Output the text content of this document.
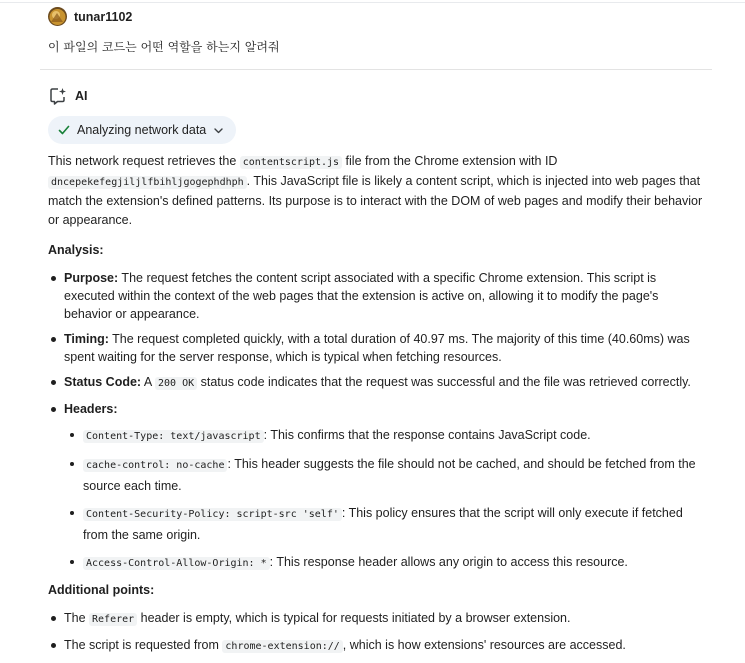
tunar1102
이 파일의 코드는 어떤 역할을 하는지 알려줘
AI
Analyzing network data

This network request retrieves the contentscript.js file from the Chrome extension with ID dncepekefegjiljlfbihljgogephdhph . This JavaScript file is likely a content script, which is injected into web pages that match the extension's defined patterns. Its purpose is to interact with the DOM of web pages and modify their behavior or appearance.

Analysis:
Purpose: The request fetches the content script associated with a specific Chrome extension. This script is executed within the context of the web pages that the extension is active on, allowing it to modify the page's behavior or appearance.
Timing: The request completed quickly, with a total duration of 40.97 ms. The majority of this time (40.60ms) was spent waiting for the server response, which is typical when fetching resources.
Status Code: A 200 OK status code indicates that the request was successful and the file was retrieved correctly.
Headers:
Content-Type: text/javascript : This confirms that the response contains JavaScript code.
cache-control: no-cache : This header suggests the file should not be cached, and should be fetched from the source each time.
Content-Security-Policy: script-src 'self' : This policy ensures that the script will only execute if fetched from the same origin.
Access-Control-Allow-Origin: * : This response header allows any origin to access this resource.
Additional points:
The Referer header is empty, which is typical for requests initiated by a browser extension.
The script is requested from chrome-extension:// , which is how extensions' resources are accessed.
